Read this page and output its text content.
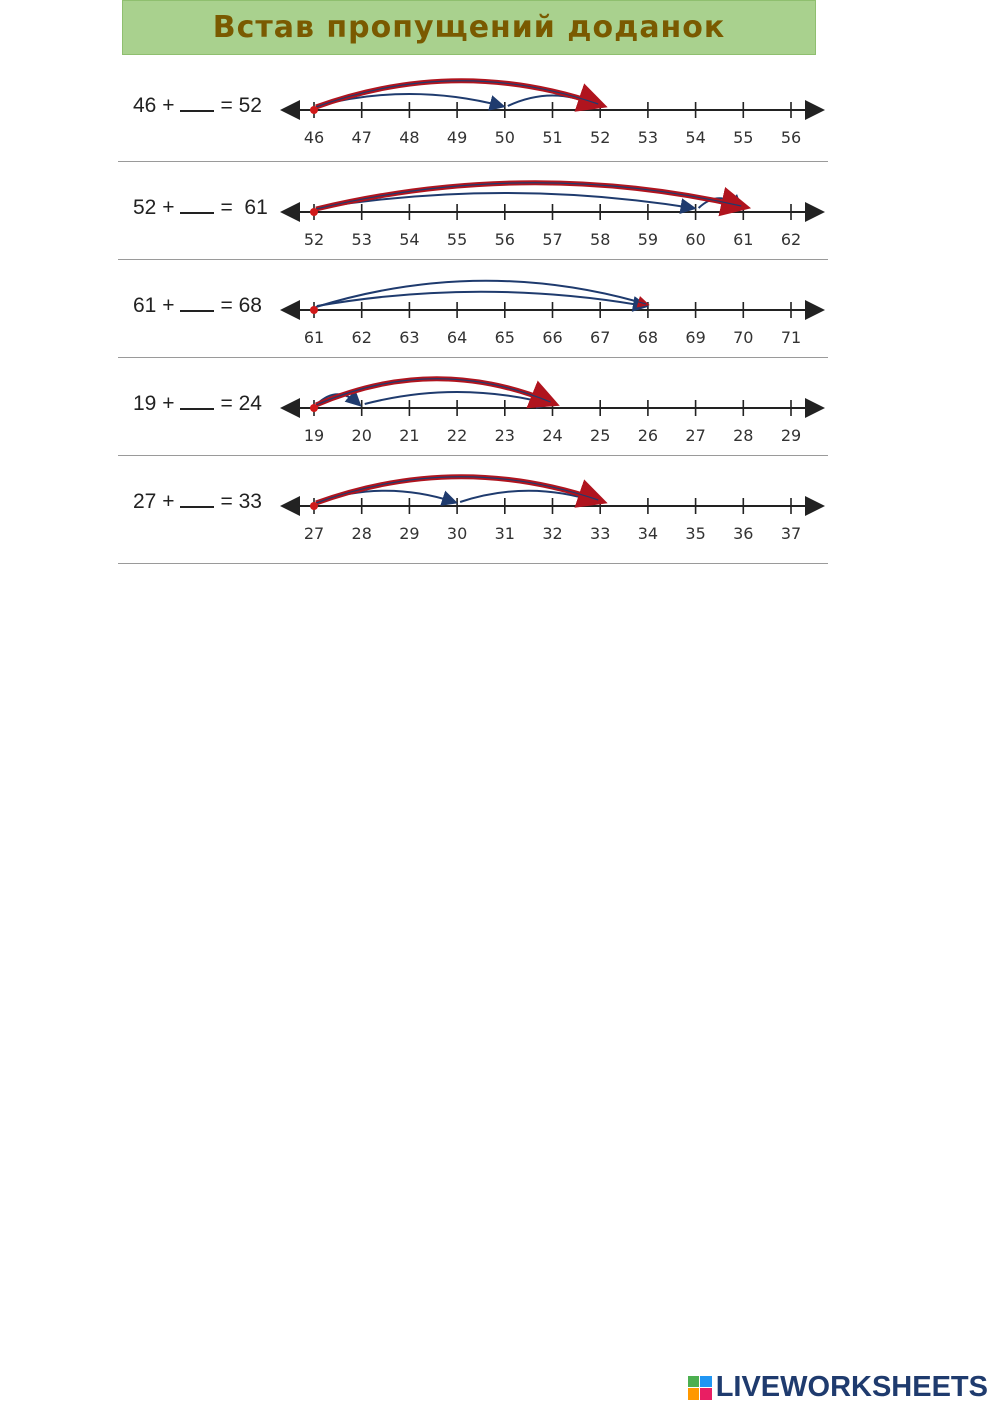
Встав пропущений доданок
46 + = 52
46 47 48 49 50 51 52 53 54 55 56
52 + =  61
52 53 54 55 56 57 58 59 60 61 62
61 + = 68
61 62 63 64 65 66 67 68 69 70 71
19 + = 24
19 20 21 22 23 24 25 26 27 28 29
27 + = 33
27 28 29 30 31 32 33 34 35 36 37
LIVEWORKSHEETS
